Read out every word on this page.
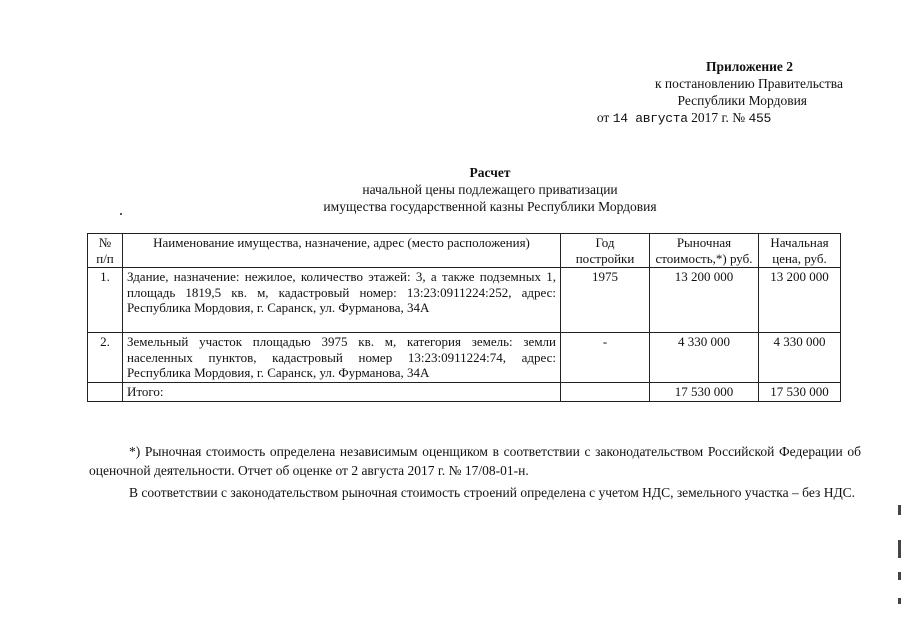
Приложение 2
к постановлению Правительства
Республики Мордовия
от 14 августа 2017 г. № 455
Расчет
начальной цены подлежащего приватизации
имущества государственной казны Республики Мордовия
№ п/п	Наименование имущества, назначение, адрес (место расположения)	Год постройки	Рыночная стоимость,*) руб.	Начальная цена, руб.
1.	Здание, назначение: нежилое, количество этажей: 3, а также подземных 1, площадь 1819,5 кв. м, кадастровый номер: 13:23:0911224:252, адрес: Республика Мордовия, г. Саранск, ул. Фурманова, 34А	1975	13 200 000	13 200 000
2.	Земельный участок площадью 3975 кв. м, категория земель: земли населенных пунктов, кадастровый номер 13:23:0911224:74, адрес: Республика Мордовия, г. Саранск, ул. Фурманова, 34А	-	4 330 000	4 330 000
	Итого:		17 530 000	17 530 000

*) Рыночная стоимость определена независимым оценщиком в соответствии с законодательством Российской Федерации об оценочной деятельности. Отчет об оценке от 2 августа 2017 г. № 17/08-01-н.

В соответствии с законодательством рыночная стоимость строений определена с учетом НДС, земельного участка – без НДС.
